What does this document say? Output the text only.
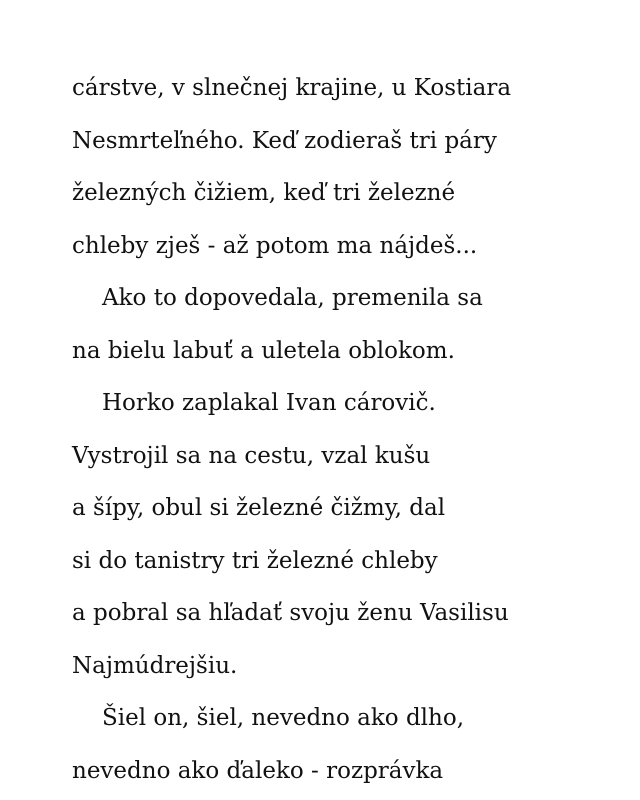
cárstve, v slnečnej krajine, u Kostiara
Nesmrteľného. Keď zodieraš tri páry
železných čižiem, keď tri železné
chleby zješ - až potom ma nájdeš...
Ako to dopovedala, premenila sa
na bielu labuť a uletela oblokom.
Horko zaplakal Ivan cárovič.
Vystrojil sa na cestu, vzal kušu
a šípy, obul si železné čižmy, dal
si do tanistry tri železné chleby
a pobral sa hľadať svoju ženu Vasilisu
Najmúdrejšiu.
Šiel on, šiel, nevedno ako dlho,
nevedno ako ďaleko - rozprávka
